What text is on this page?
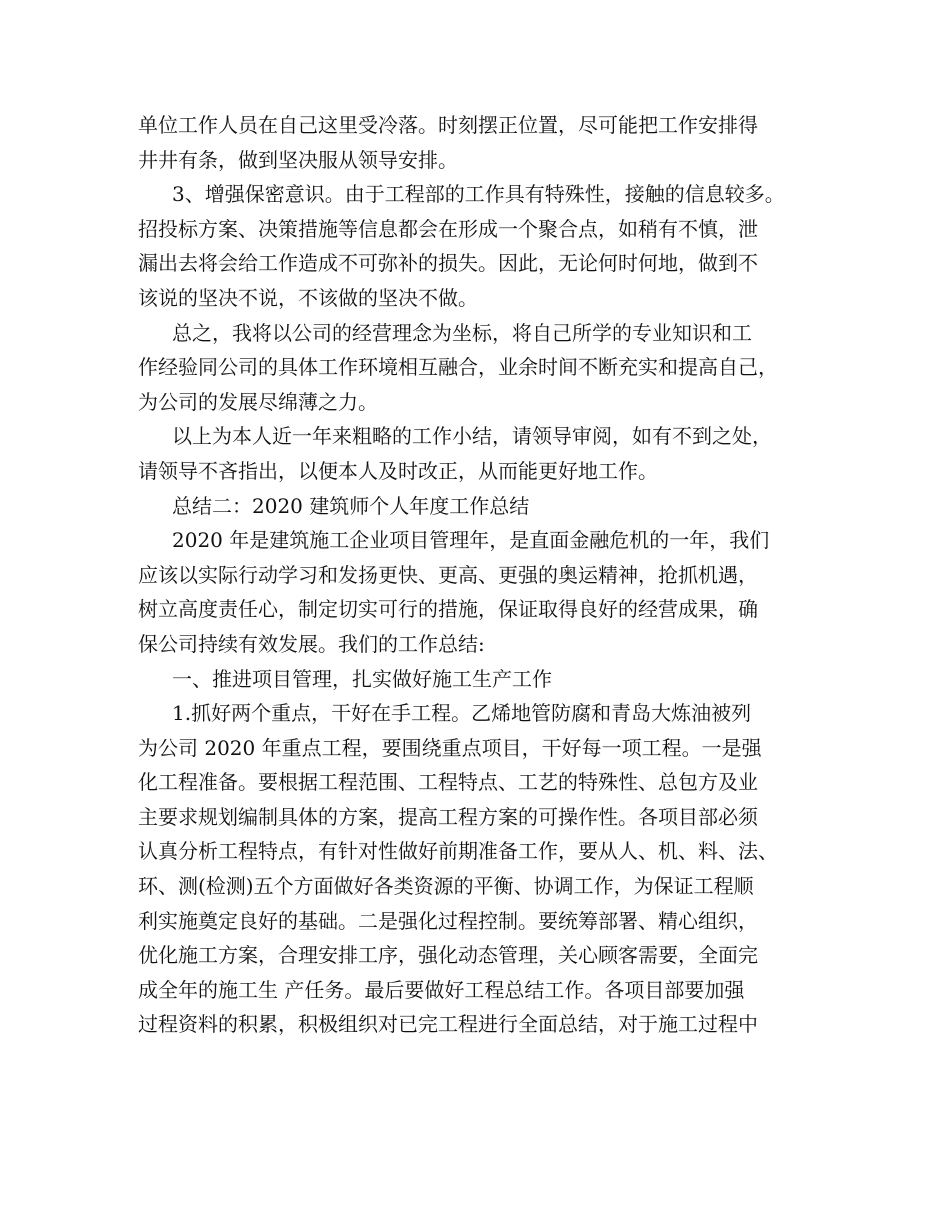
单位工作人员在自己这里受冷落。时刻摆正位置，尽可能把工作安排得
井井有条，做到坚决服从领导安排。
3、增强保密意识。由于工程部的工作具有特殊性，接触的信息较多。
招投标方案、决策措施等信息都会在形成一个聚合点，如稍有不慎，泄
漏出去将会给工作造成不可弥补的损失。因此，无论何时何地，做到不
该说的坚决不说，不该做的坚决不做。
总之，我将以公司的经营理念为坐标，将自己所学的专业知识和工
作经验同公司的具体工作环境相互融合，业余时间不断充实和提高自己，
为公司的发展尽绵薄之力。
以上为本人近一年来粗略的工作小结，请领导审阅，如有不到之处，
请领导不吝指出，以便本人及时改正，从而能更好地工作。
总结二：2020 建筑师个人年度工作总结
2020 年是建筑施工企业项目管理年，是直面金融危机的一年，我们
应该以实际行动学习和发扬更快、更高、更强的奥运精神，抢抓机遇，
树立高度责任心，制定切实可行的措施，保证取得良好的经营成果，确
保公司持续有效发展。我们的工作总结:
一、推进项目管理，扎实做好施工生产工作
1.抓好两个重点，干好在手工程。乙烯地管防腐和青岛大炼油被列
为公司 2020 年重点工程，要围绕重点项目，干好每一项工程。一是强
化工程准备。要根据工程范围、工程特点、工艺的特殊性、总包方及业
主要求规划编制具体的方案，提高工程方案的可操作性。各项目部必须
认真分析工程特点，有针对性做好前期准备工作，要从人、机、料、法、
环、测(检测)五个方面做好各类资源的平衡、协调工作，为保证工程顺
利实施奠定良好的基础。二是强化过程控制。要统筹部署、精心组织，
优化施工方案，合理安排工序，强化动态管理，关心顾客需要，全面完
成全年的施工生 产任务。最后要做好工程总结工作。各项目部要加强
过程资料的积累，积极组织对已完工程进行全面总结，对于施工过程中
